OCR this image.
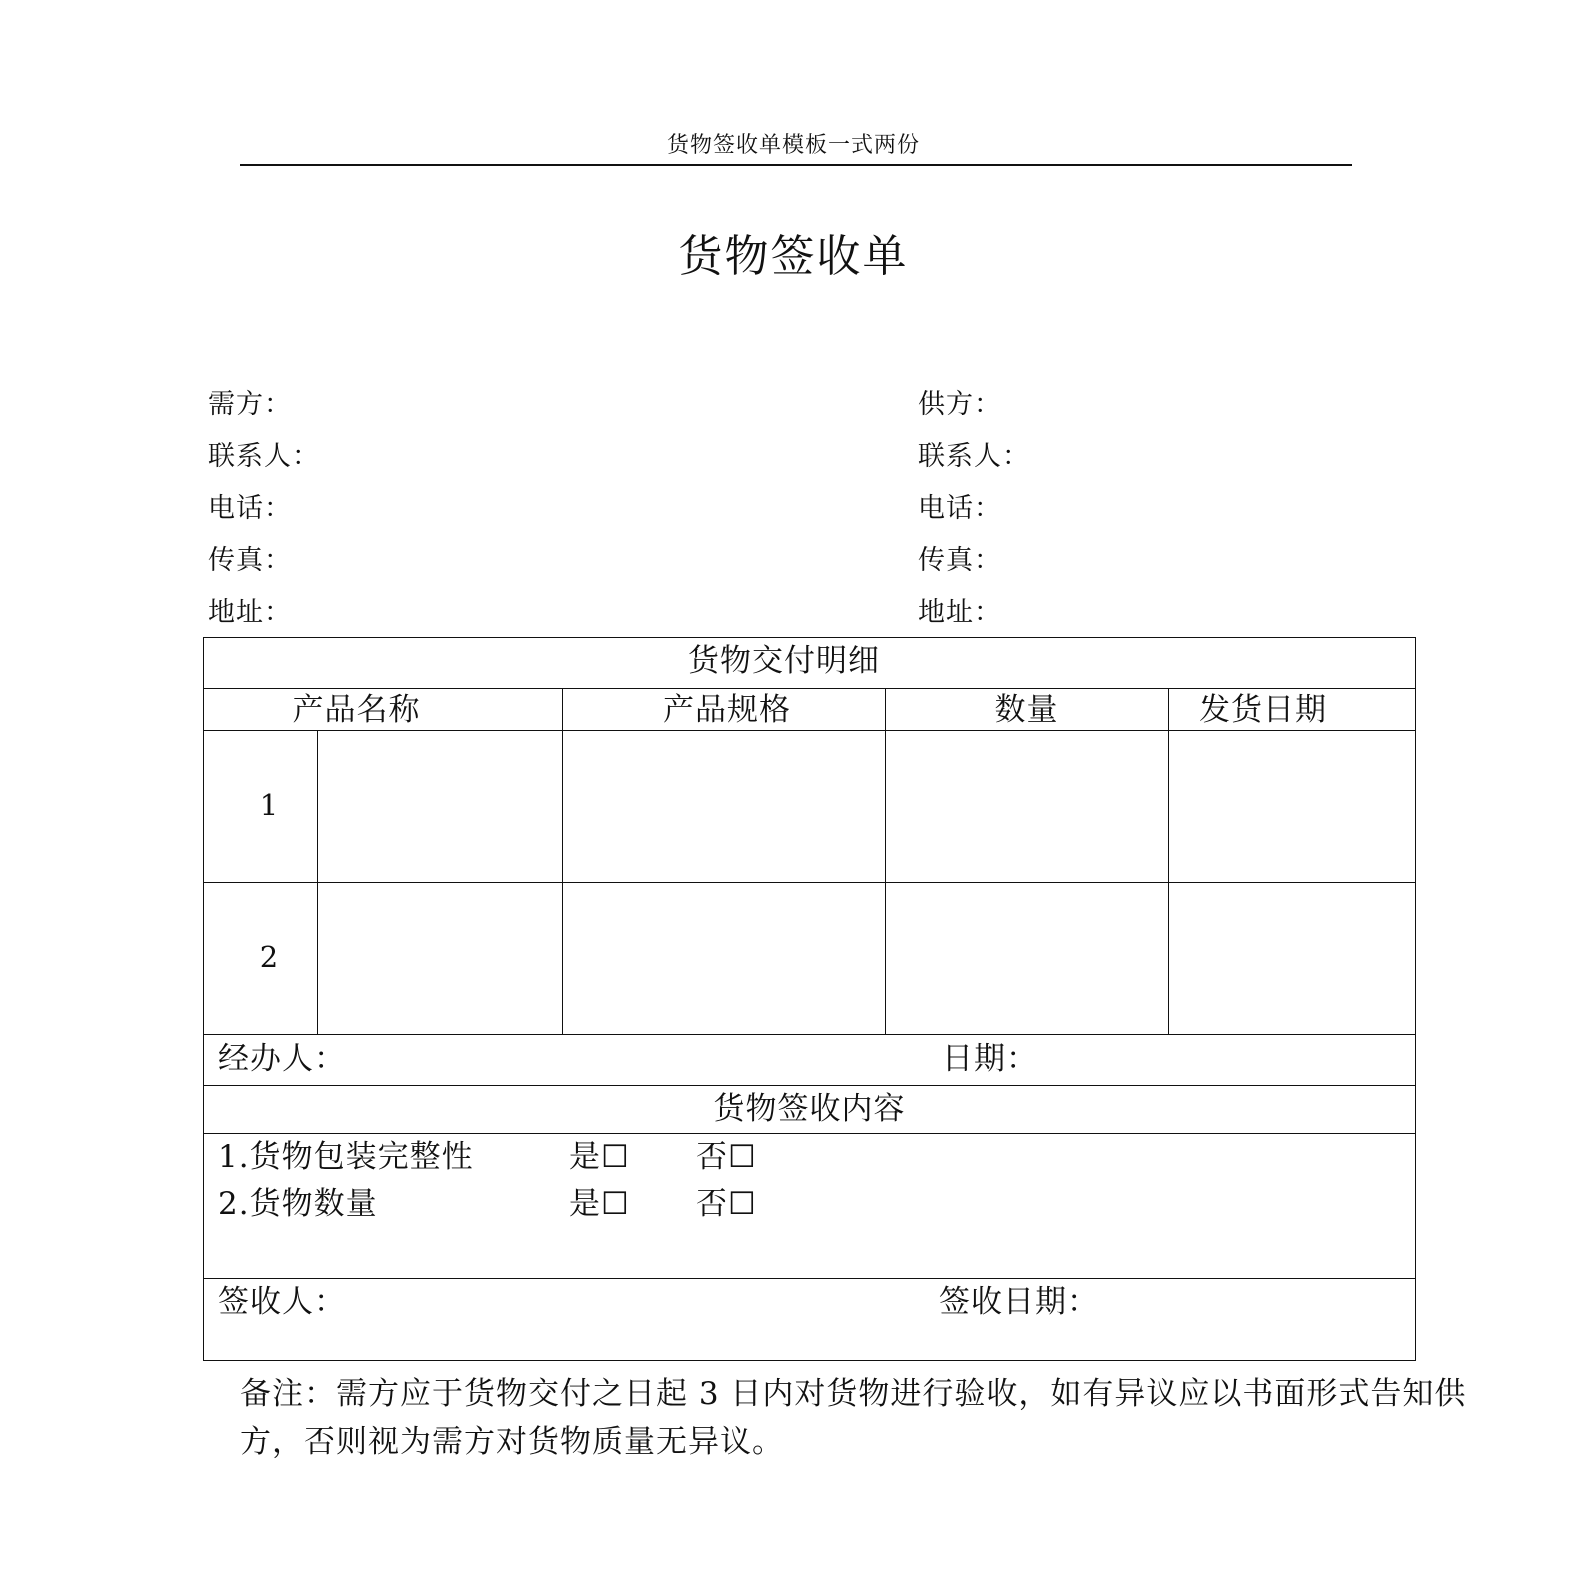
货物签收单模板一式两份
货物签收单
需方：
联系人：
电话：
传真：
地址：
供方：
联系人：
电话：
传真：
地址：
货物交付明细
产品名称	产品规格	数量	发货日期
1
2
经办人：	日期：
货物签收内容
1.货物包装完整性	是☐ 否☐
2.货物数量	是☐ 否☐
签收人：	签收日期：
备注：需方应于货物交付之日起 3 日内对货物进行验收，如有异议应以书面形式告知供方，否则视为需方对货物质量无异议。
